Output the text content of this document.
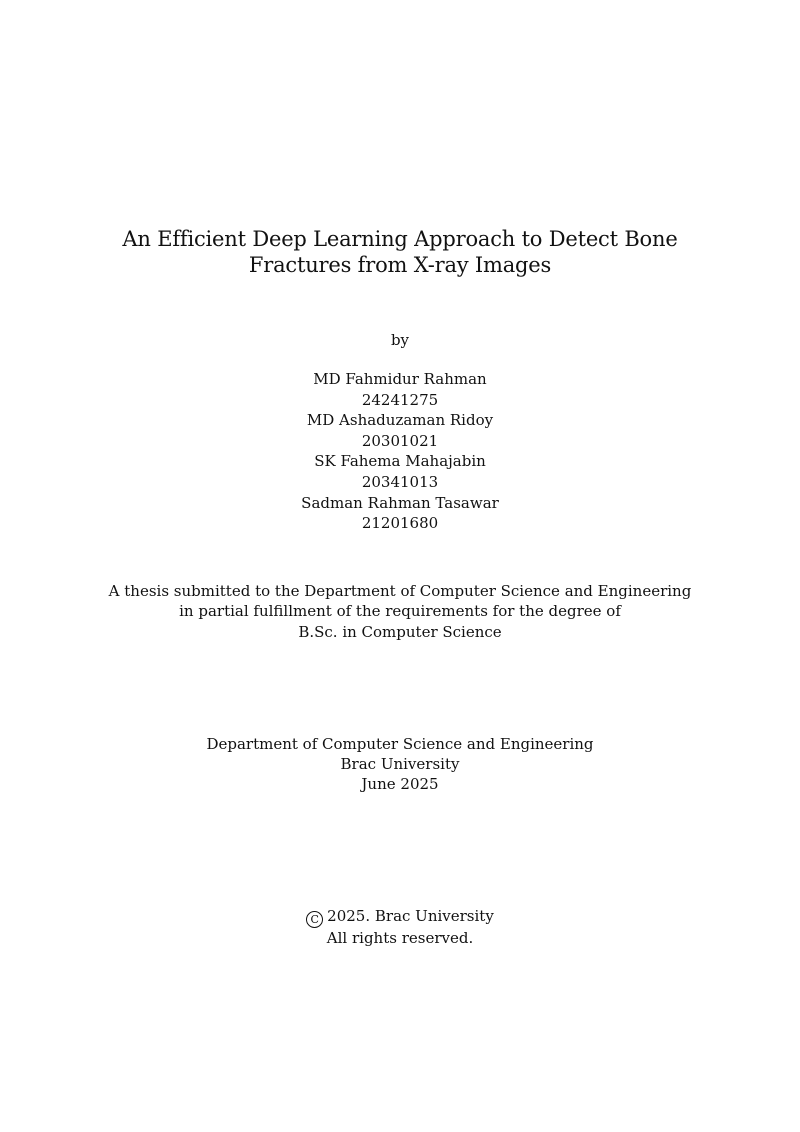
An Efficient Deep Learning Approach to Detect Bone
Fractures from X-ray Images
by
MD Fahmidur Rahman
24241275
MD Ashaduzaman Ridoy
20301021
SK Fahema Mahajabin
20341013
Sadman Rahman Tasawar
21201680
A thesis submitted to the Department of Computer Science and Engineering
in partial fulfillment of the requirements for the degree of
B.Sc. in Computer Science
Department of Computer Science and Engineering
Brac University
June 2025
C 2025. Brac University
All rights reserved.
